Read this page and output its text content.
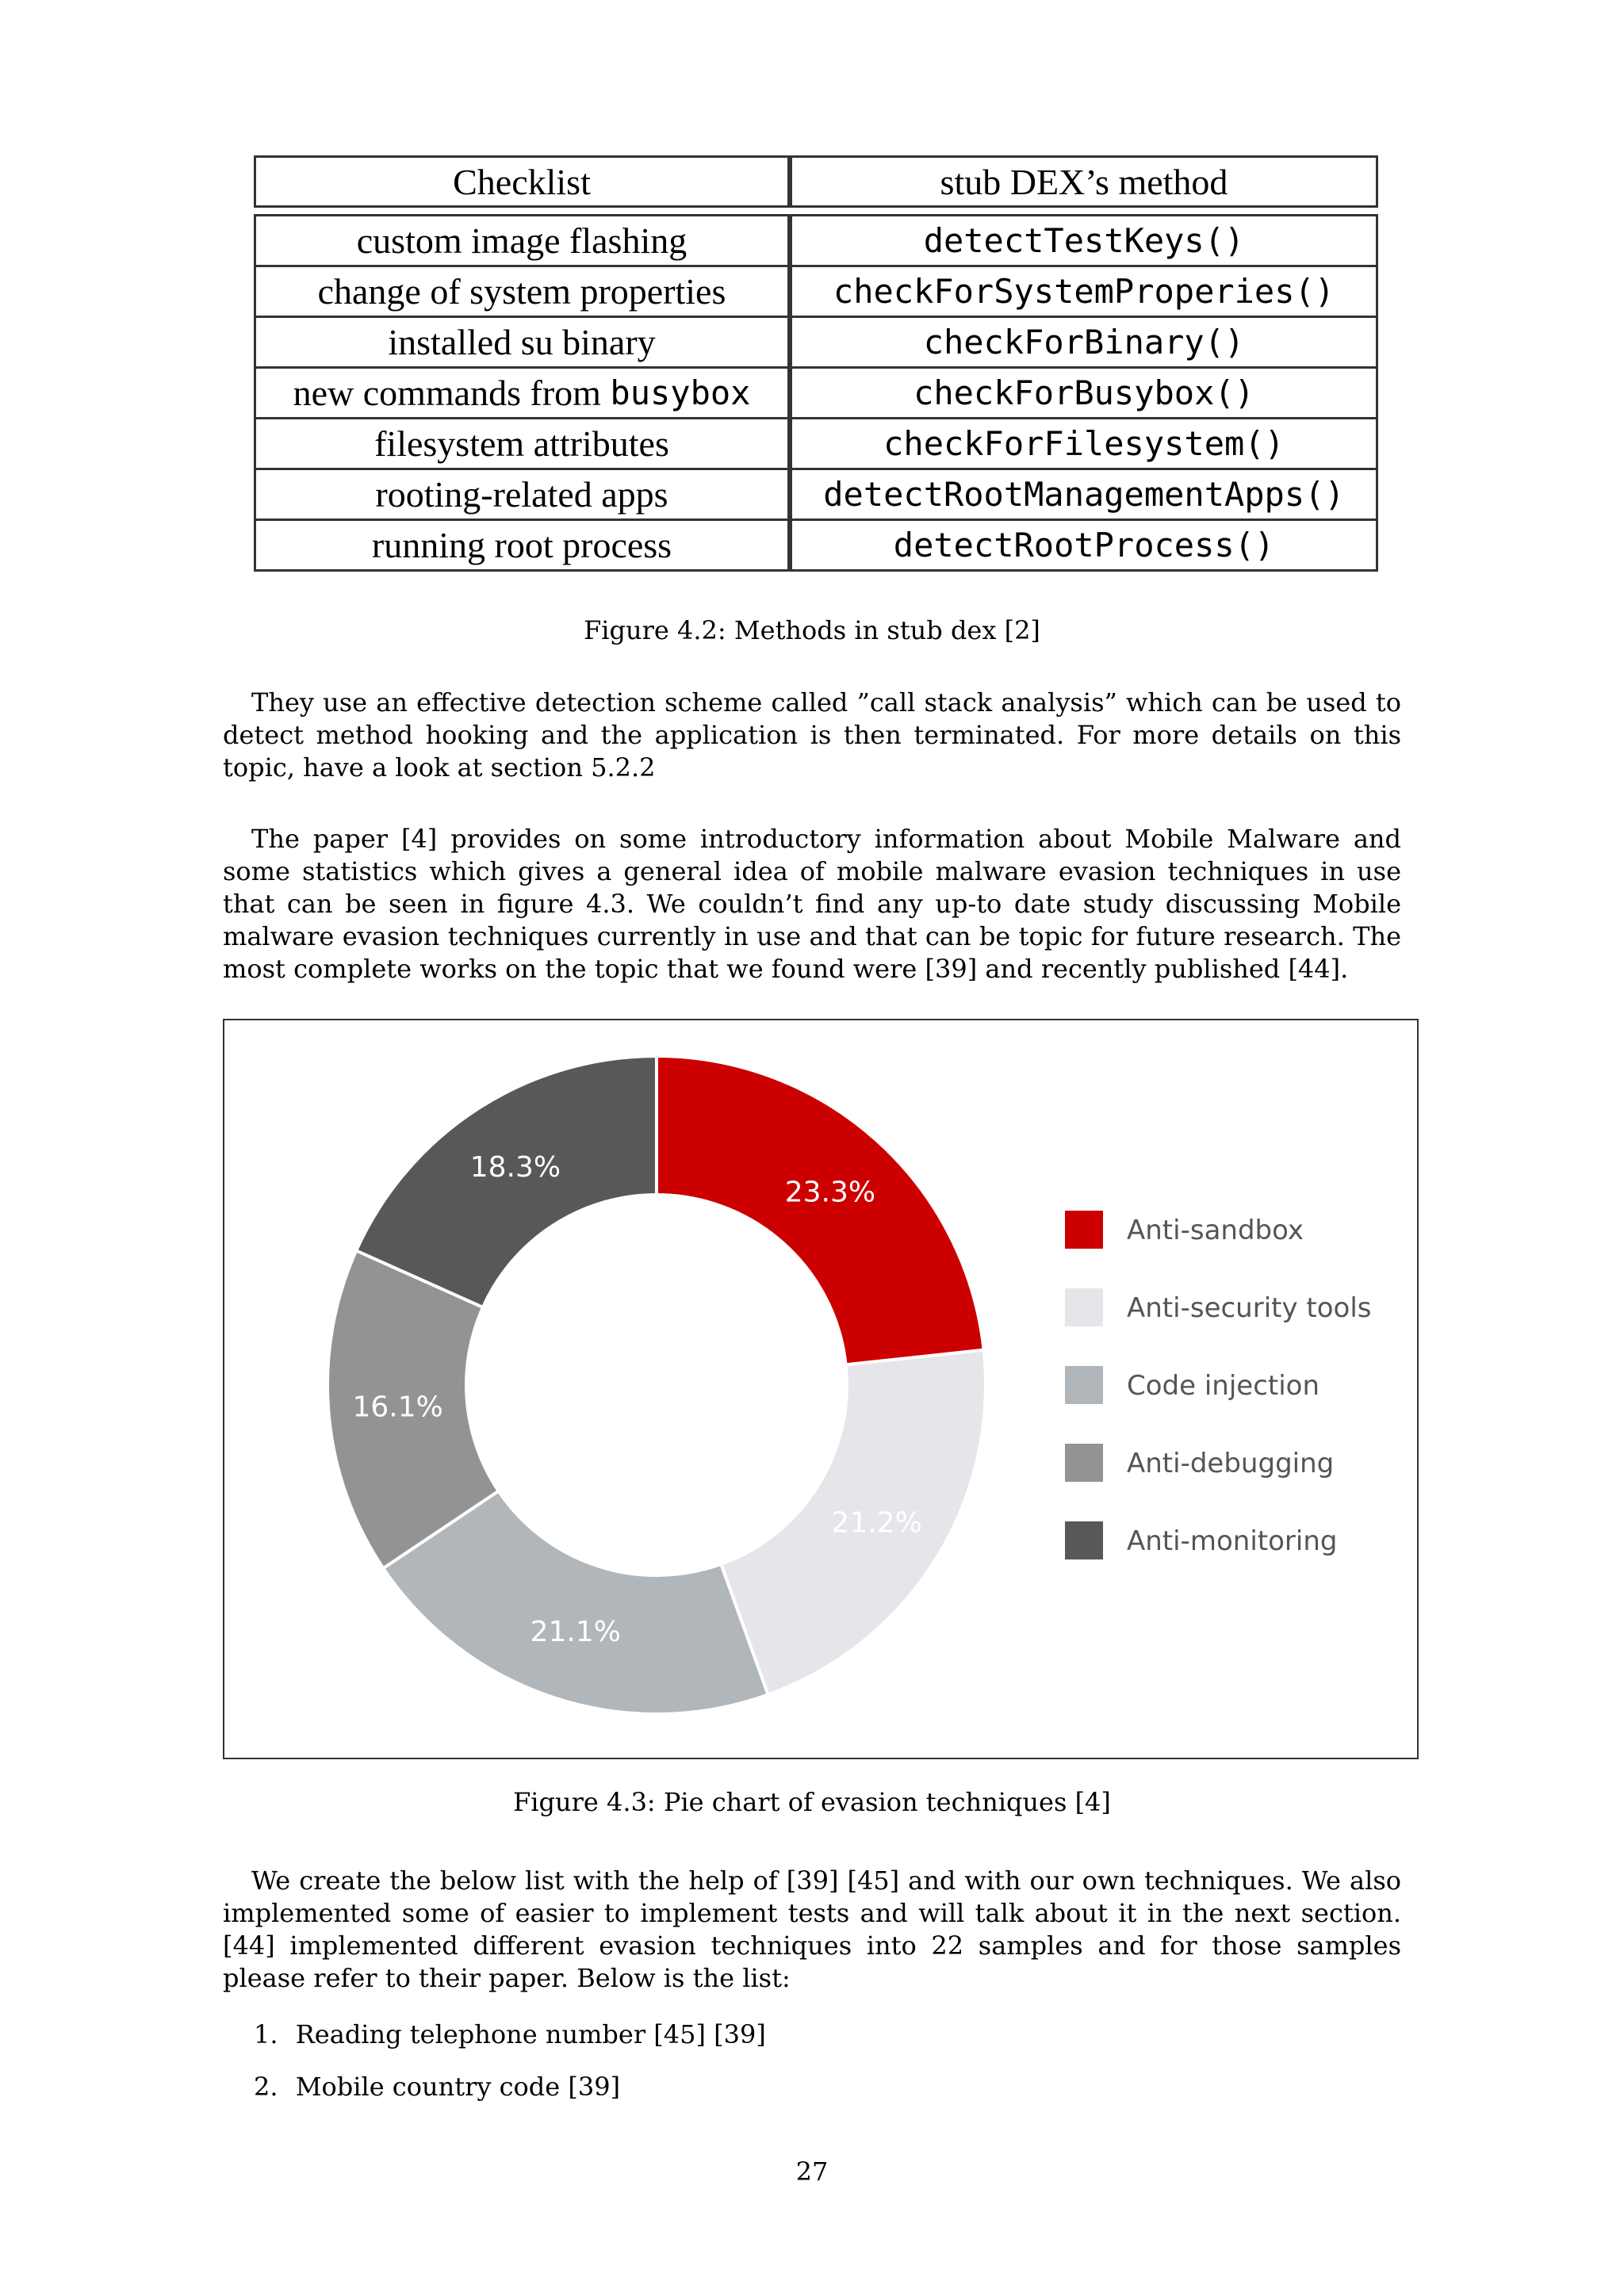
Checklist	stub DEX’s method
custom image flashing	detectTestKeys()
change of system properties	checkForSystemProperies()
installed su binary	checkForBinary()
new commands from busybox	checkForBusybox()
filesystem attributes	checkForFilesystem()
rooting-related apps	detectRootManagementApps()
running root process	detectRootProcess()
Figure 4.2: Methods in stub dex [2]

They use an effective detection scheme called ”call stack analysis” which can be used to detect method hooking and the application is then terminated. For more details on this topic, have a look at section 5.2.2

The paper [4] provides on some introductory information about Mobile Malware and some statistics which gives a general idea of mobile malware evasion techniques in use that can be seen in figure 4.3. We couldn’t find any up-to date study discussing Mobile malware evasion techniques currently in use and that can be topic for future research. The most complete works on the topic that we found were [39] and recently published [44].

23.3%
21.2%
21.1%
16.1%
18.3%
Anti-sandbox
Anti-security tools
Code injection
Anti-debugging
Anti-monitoring
Figure 4.3: Pie chart of evasion techniques [4]

We create the below list with the help of [39] [45] and with our own techniques. We also implemented some of easier to implement tests and will talk about it in the next section. [44] implemented different evasion techniques into 22 samples and for those samples please refer to their paper. Below is the list:

1. Reading telephone number [45] [39]
2. Mobile country code [39]
27
